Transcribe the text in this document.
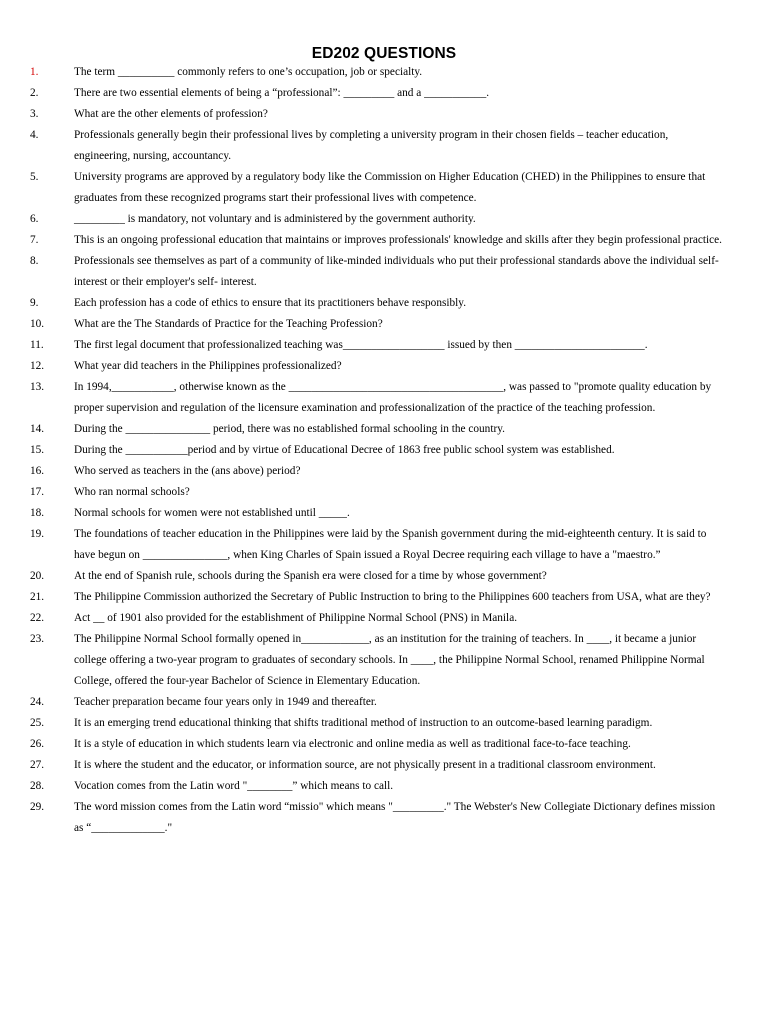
ED202 QUESTIONS
1.	The term __________ commonly refers to one’s occupation, job or specialty.
2.	There are two essential elements of being a “professional”: _________ and a ___________.
3.	What are the other elements of profession?
4.	Professionals generally begin their professional lives by completing a university program in their chosen fields – teacher education, engineering, nursing, accountancy.
5.	University programs are approved by a regulatory body like the Commission on Higher Education (CHED) in the Philippines to ensure that graduates from these recognized programs start their professional lives with competence.
6.	_________ is mandatory, not voluntary and is administered by the government authority.
7.	This is an ongoing professional education that maintains or improves professionals' knowledge and skills after they begin professional practice.
8.	Professionals see themselves as part of a community of like-minded individuals who put their professional standards above the individual self-interest or their employer's self- interest.
9.	Each profession has a code of ethics to ensure that its practitioners behave responsibly.
10.	What are the The Standards of Practice for the Teaching Profession?
11.	The first legal document that professionalized teaching was__________________ issued by then _______________________.
12.	What year did teachers in the Philippines professionalized?
13.	In 1994,___________, otherwise known as the ______________________________________, was passed to "promote quality education by proper supervision and regulation of the licensure examination and professionalization of the practice of the teaching profession.
14.	During the _______________ period, there was no established formal schooling in the country.
15.	During the ___________period and by virtue of Educational Decree of 1863 free public school system was established.
16.	Who served as teachers in the (ans above) period?
17.	Who ran normal schools?
18.	Normal schools for women were not established until _____.
19.	The foundations of teacher education in the Philippines were laid by the Spanish government during the mid-eighteenth century. It is said to have begun on _______________, when King Charles of Spain issued a Royal Decree requiring each village to have a "maestro.”
20.	At the end of Spanish rule, schools during the Spanish era were closed for a time by whose government?
21.	The Philippine Commission authorized the Secretary of Public Instruction to bring to the Philippines 600 teachers from USA, what are they?
22.	Act __ of 1901 also provided for the establishment of Philippine Normal School (PNS) in Manila.
23.	The Philippine Normal School formally opened in____________, as an institution for the training of teachers. In ____, it became a junior college offering a two-year program to graduates of secondary schools. In ____, the Philippine Normal School, renamed Philippine Normal College, offered the four-year Bachelor of Science in Elementary Education.
24.	Teacher preparation became four years only in 1949 and thereafter.
25.	It is an emerging trend educational thinking that shifts traditional method of instruction to an outcome-based learning paradigm.
26.	It is a style of education in which students learn via electronic and online media as well as traditional face-to-face teaching.
27.	It is where the student and the educator, or information source, are not physically present in a traditional classroom environment.
28.	Vocation comes from the Latin word "________” which means to call.
29.	The word mission comes from the Latin word “missio" which means "_________." The Webster's New Collegiate Dictionary defines mission as “_____________."
